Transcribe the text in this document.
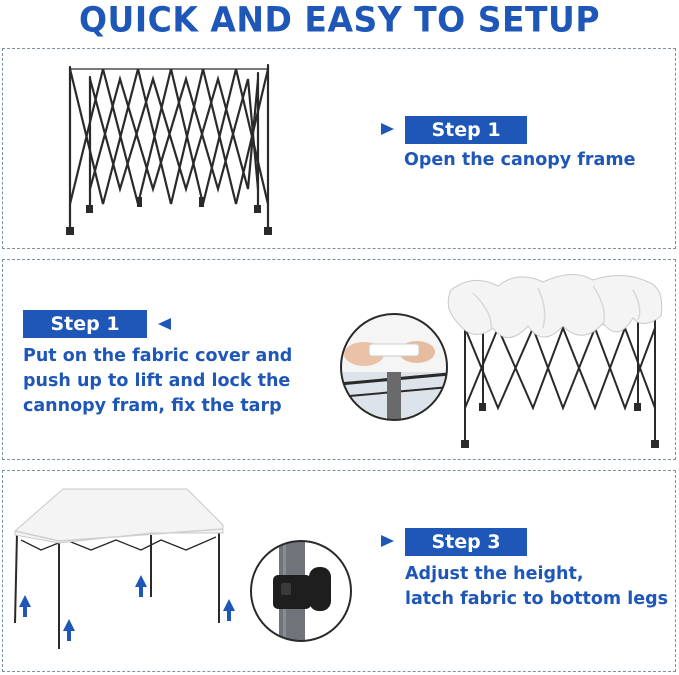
QUICK AND EASY TO SETUP
Step 1
Open the canopy frame
Step 1
Put on the fabric cover and
push up to lift and lock the
cannopy fram, fix the tarp
Step 3
Adjust the height,
latch fabric to bottom legs
